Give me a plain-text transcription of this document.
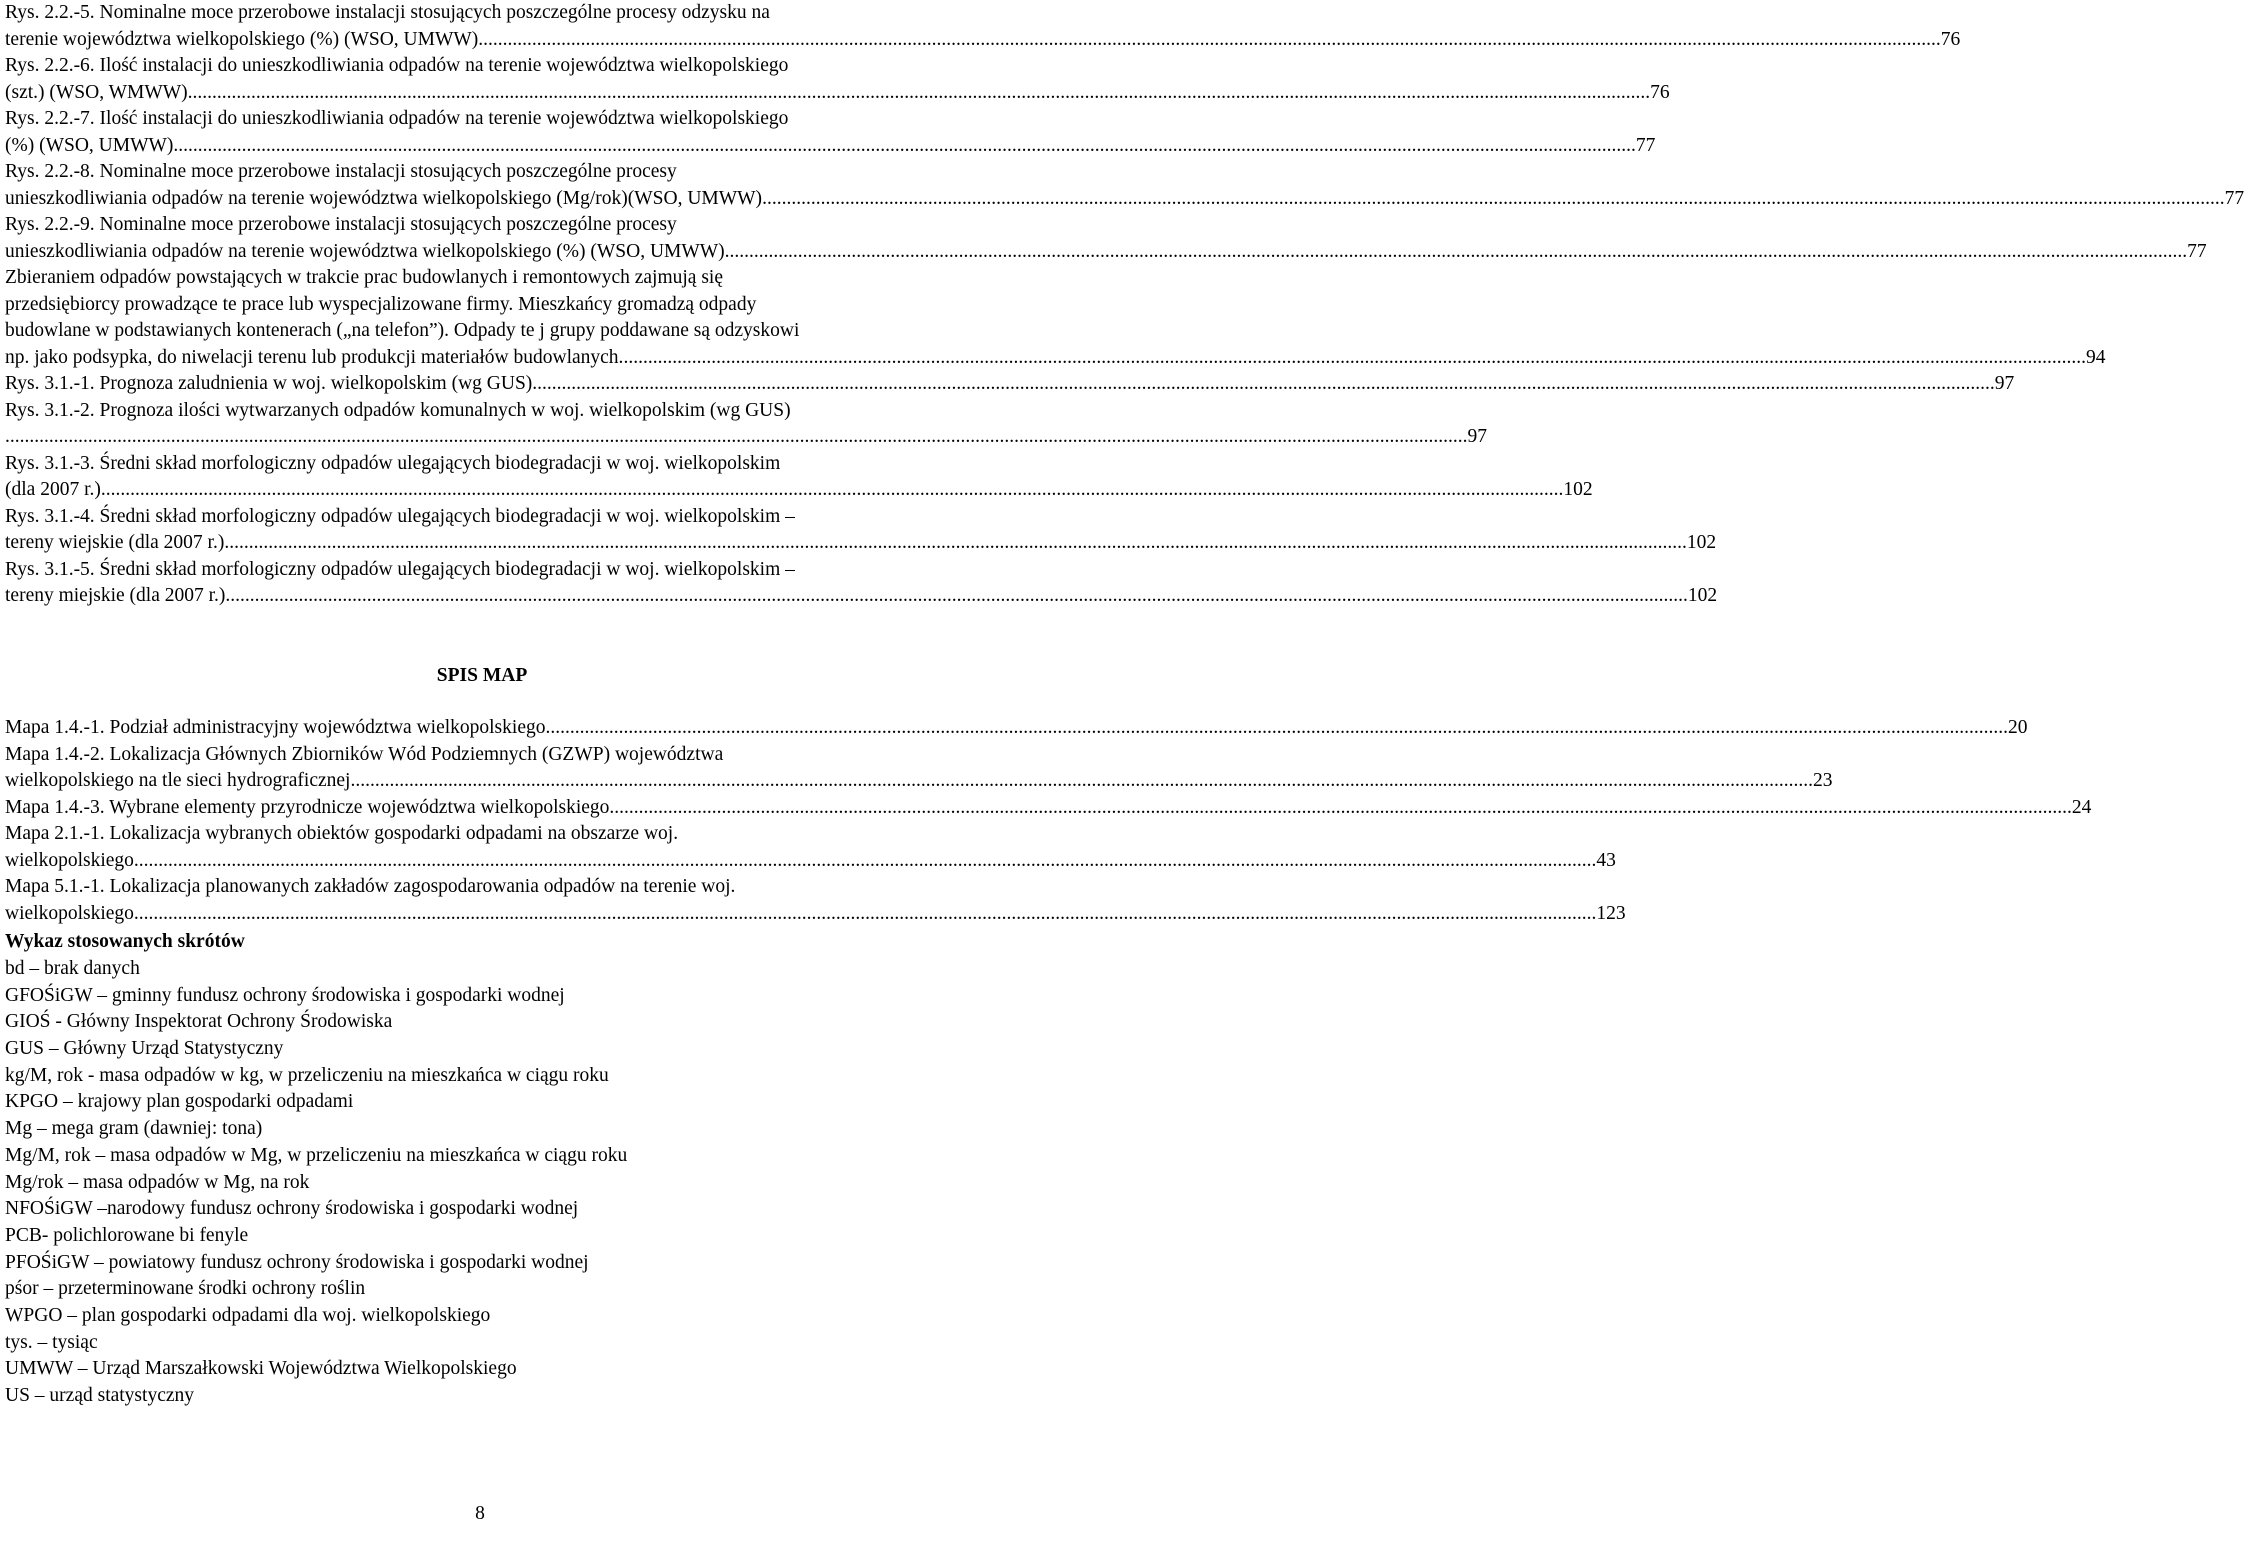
Rys. 2.2.-5. Nominalne moce przerobowe instalacji stosujących poszczególne procesy odzysku na
terenie województwa wielkopolskiego (%) (WSO, UMWW) ............................................................................................................................................................................................................................................................................................................ 76
Rys. 2.2.-6. Ilość instalacji do unieszkodliwiania odpadów na terenie województwa wielkopolskiego
(szt.) (WSO, WMWW) ............................................................................................................................................................................................................................................................................................................ 76
Rys. 2.2.-7. Ilość instalacji do unieszkodliwiania odpadów na terenie województwa wielkopolskiego
(%) (WSO, UMWW) ............................................................................................................................................................................................................................................................................................................ 77
Rys. 2.2.-8. Nominalne moce przerobowe instalacji stosujących poszczególne procesy
unieszkodliwiania odpadów na terenie województwa wielkopolskiego (Mg/rok)(WSO, UMWW) ............................................................................................................................................................................................................................................................................................................ 77
Rys. 2.2.-9. Nominalne moce przerobowe instalacji stosujących poszczególne procesy
unieszkodliwiania odpadów na terenie województwa wielkopolskiego (%) (WSO, UMWW) ............................................................................................................................................................................................................................................................................................................ 77
Zbieraniem odpadów powstających w trakcie prac budowlanych i remontowych zajmują się
przedsiębiorcy prowadzące te prace lub wyspecjalizowane firmy. Mieszkańcy gromadzą odpady
budowlane w podstawianych kontenerach („na telefon”). Odpady te j grupy poddawane są odzyskowi
np. jako podsypka, do niwelacji terenu lub produkcji materiałów budowlanych. ............................................................................................................................................................................................................................................................................................................ 94
Rys. 3.1.-1. Prognoza zaludnienia w woj. wielkopolskim (wg GUS) ............................................................................................................................................................................................................................................................................................................ 97
Rys. 3.1.-2. Prognoza ilości wytwarzanych odpadów komunalnych w woj. wielkopolskim (wg GUS)
............................................................................................................................................................................................................................................................................................................ 97
Rys. 3.1.-3. Średni skład morfologiczny odpadów ulegających biodegradacji w woj. wielkopolskim
(dla 2007 r.) ............................................................................................................................................................................................................................................................................................................ 102
Rys. 3.1.-4. Średni skład morfologiczny odpadów ulegających biodegradacji w woj. wielkopolskim –
tereny wiejskie (dla 2007 r.) ............................................................................................................................................................................................................................................................................................................ 102
Rys. 3.1.-5. Średni skład morfologiczny odpadów ulegających biodegradacji w woj. wielkopolskim –
tereny miejskie (dla 2007 r.) ............................................................................................................................................................................................................................................................................................................ 102
SPIS MAP
Mapa 1.4.-1. Podział administracyjny województwa wielkopolskiego ............................................................................................................................................................................................................................................................................................................ 20
Mapa 1.4.-2. Lokalizacja Głównych Zbiorników Wód Podziemnych (GZWP) województwa
wielkopolskiego na tle sieci hydrograficznej ............................................................................................................................................................................................................................................................................................................ 23
Mapa 1.4.-3. Wybrane elementy przyrodnicze województwa wielkopolskiego ............................................................................................................................................................................................................................................................................................................ 24
Mapa 2.1.-1. Lokalizacja wybranych obiektów gospodarki odpadami na obszarze woj.
wielkopolskiego ............................................................................................................................................................................................................................................................................................................ 43
Mapa 5.1.-1. Lokalizacja planowanych zakładów zagospodarowania odpadów na terenie woj.
wielkopolskiego ............................................................................................................................................................................................................................................................................................................ 123
Wykaz stosowanych skrótów
bd – brak danych
GFOŚiGW – gminny fundusz ochrony środowiska i gospodarki wodnej
GIOŚ - Główny Inspektorat Ochrony Środowiska
GUS – Główny Urząd Statystyczny
kg/M, rok - masa odpadów w kg, w przeliczeniu na mieszkańca w ciągu roku
KPGO – krajowy plan gospodarki odpadami
Mg – mega gram (dawniej: tona)
Mg/M, rok – masa odpadów w Mg, w przeliczeniu na mieszkańca w ciągu roku
Mg/rok – masa odpadów w Mg, na rok
NFOŚiGW –narodowy fundusz ochrony środowiska i gospodarki wodnej
PCB- polichlorowane bi fenyle
PFOŚiGW – powiatowy fundusz ochrony środowiska i gospodarki wodnej
pśor – przeterminowane środki ochrony roślin
WPGO – plan gospodarki odpadami dla woj. wielkopolskiego
tys. – tysiąc
UMWW – Urząd Marszałkowski Województwa Wielkopolskiego
US – urząd statystyczny
8
